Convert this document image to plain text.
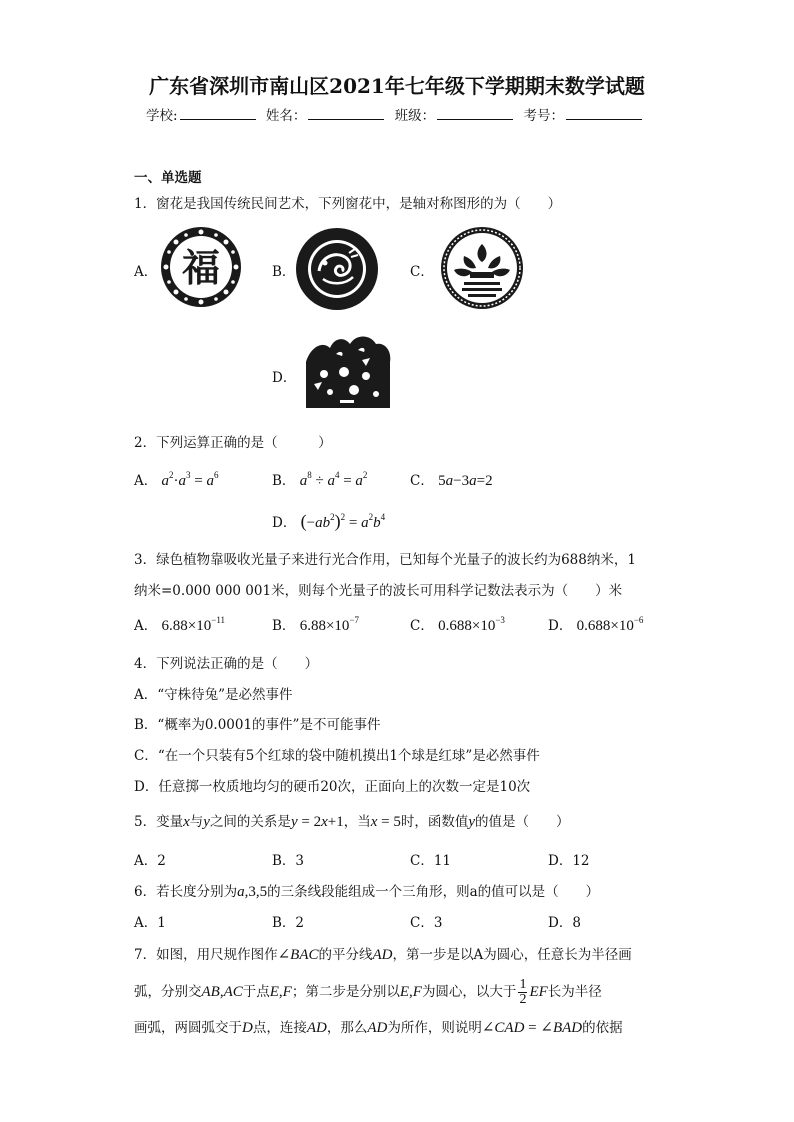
广东省深圳市南山区2021年七年级下学期期末数学试题
学校:	姓名：	班级：	考号：
一、单选题
1．窗花是我国传统民间艺术，下列窗花中，是轴对称图形的为（　　）
A． 福	B．	C．
D．
2．下列运算正确的是（　　　）
A． $a^2\cdot a^3 = a^6$	B． $a^8 \div a^4 = a^2$	C． 5a−3a=2
D． $(-ab^2)^2 = a^2b^4$
3．绿色植物靠吸收光量子来进行光合作用，已知每个光量子的波长约为688纳米，1
纳米=0.000 000 001米，则每个光量子的波长可用科学记数法表示为（　　）米
A． $6.88\times 10^{-11}$	B． $6.88\times 10^{-7}$	C． $0.688\times 10^{-3}$	D． $0.688\times 10^{-6}$
4．下列说法正确的是（　　）
A．“守株待兔”是必然事件
B．“概率为0.0001的事件”是不可能事件
C．“在一个只装有5个红球的袋中随机摸出1个球是红球”是必然事件
D．任意掷一枚质地均匀的硬币20次，正面向上的次数一定是10次
5．变量x与y之间的关系是y = 2x+1，当x = 5时，函数值y的值是（　　）
A．2	B．3	C．11	D．12
6．若长度分别为a,3,5的三条线段能组成一个三角形，则a的值可以是（　　）
A．1	B．2	C．3	D．8
7．如图，用尺规作图作∠BAC的平分线AD，第一步是以A为圆心，任意长为半径画
弧，分别交AB,AC于点E,F；第二步是分别以E,F为圆心，以大于 $\frac{1}{2}$ EF长为半径
画弧，两圆弧交于D点，连接AD，那么AD为所作，则说明∠CAD = ∠BAD的依据
